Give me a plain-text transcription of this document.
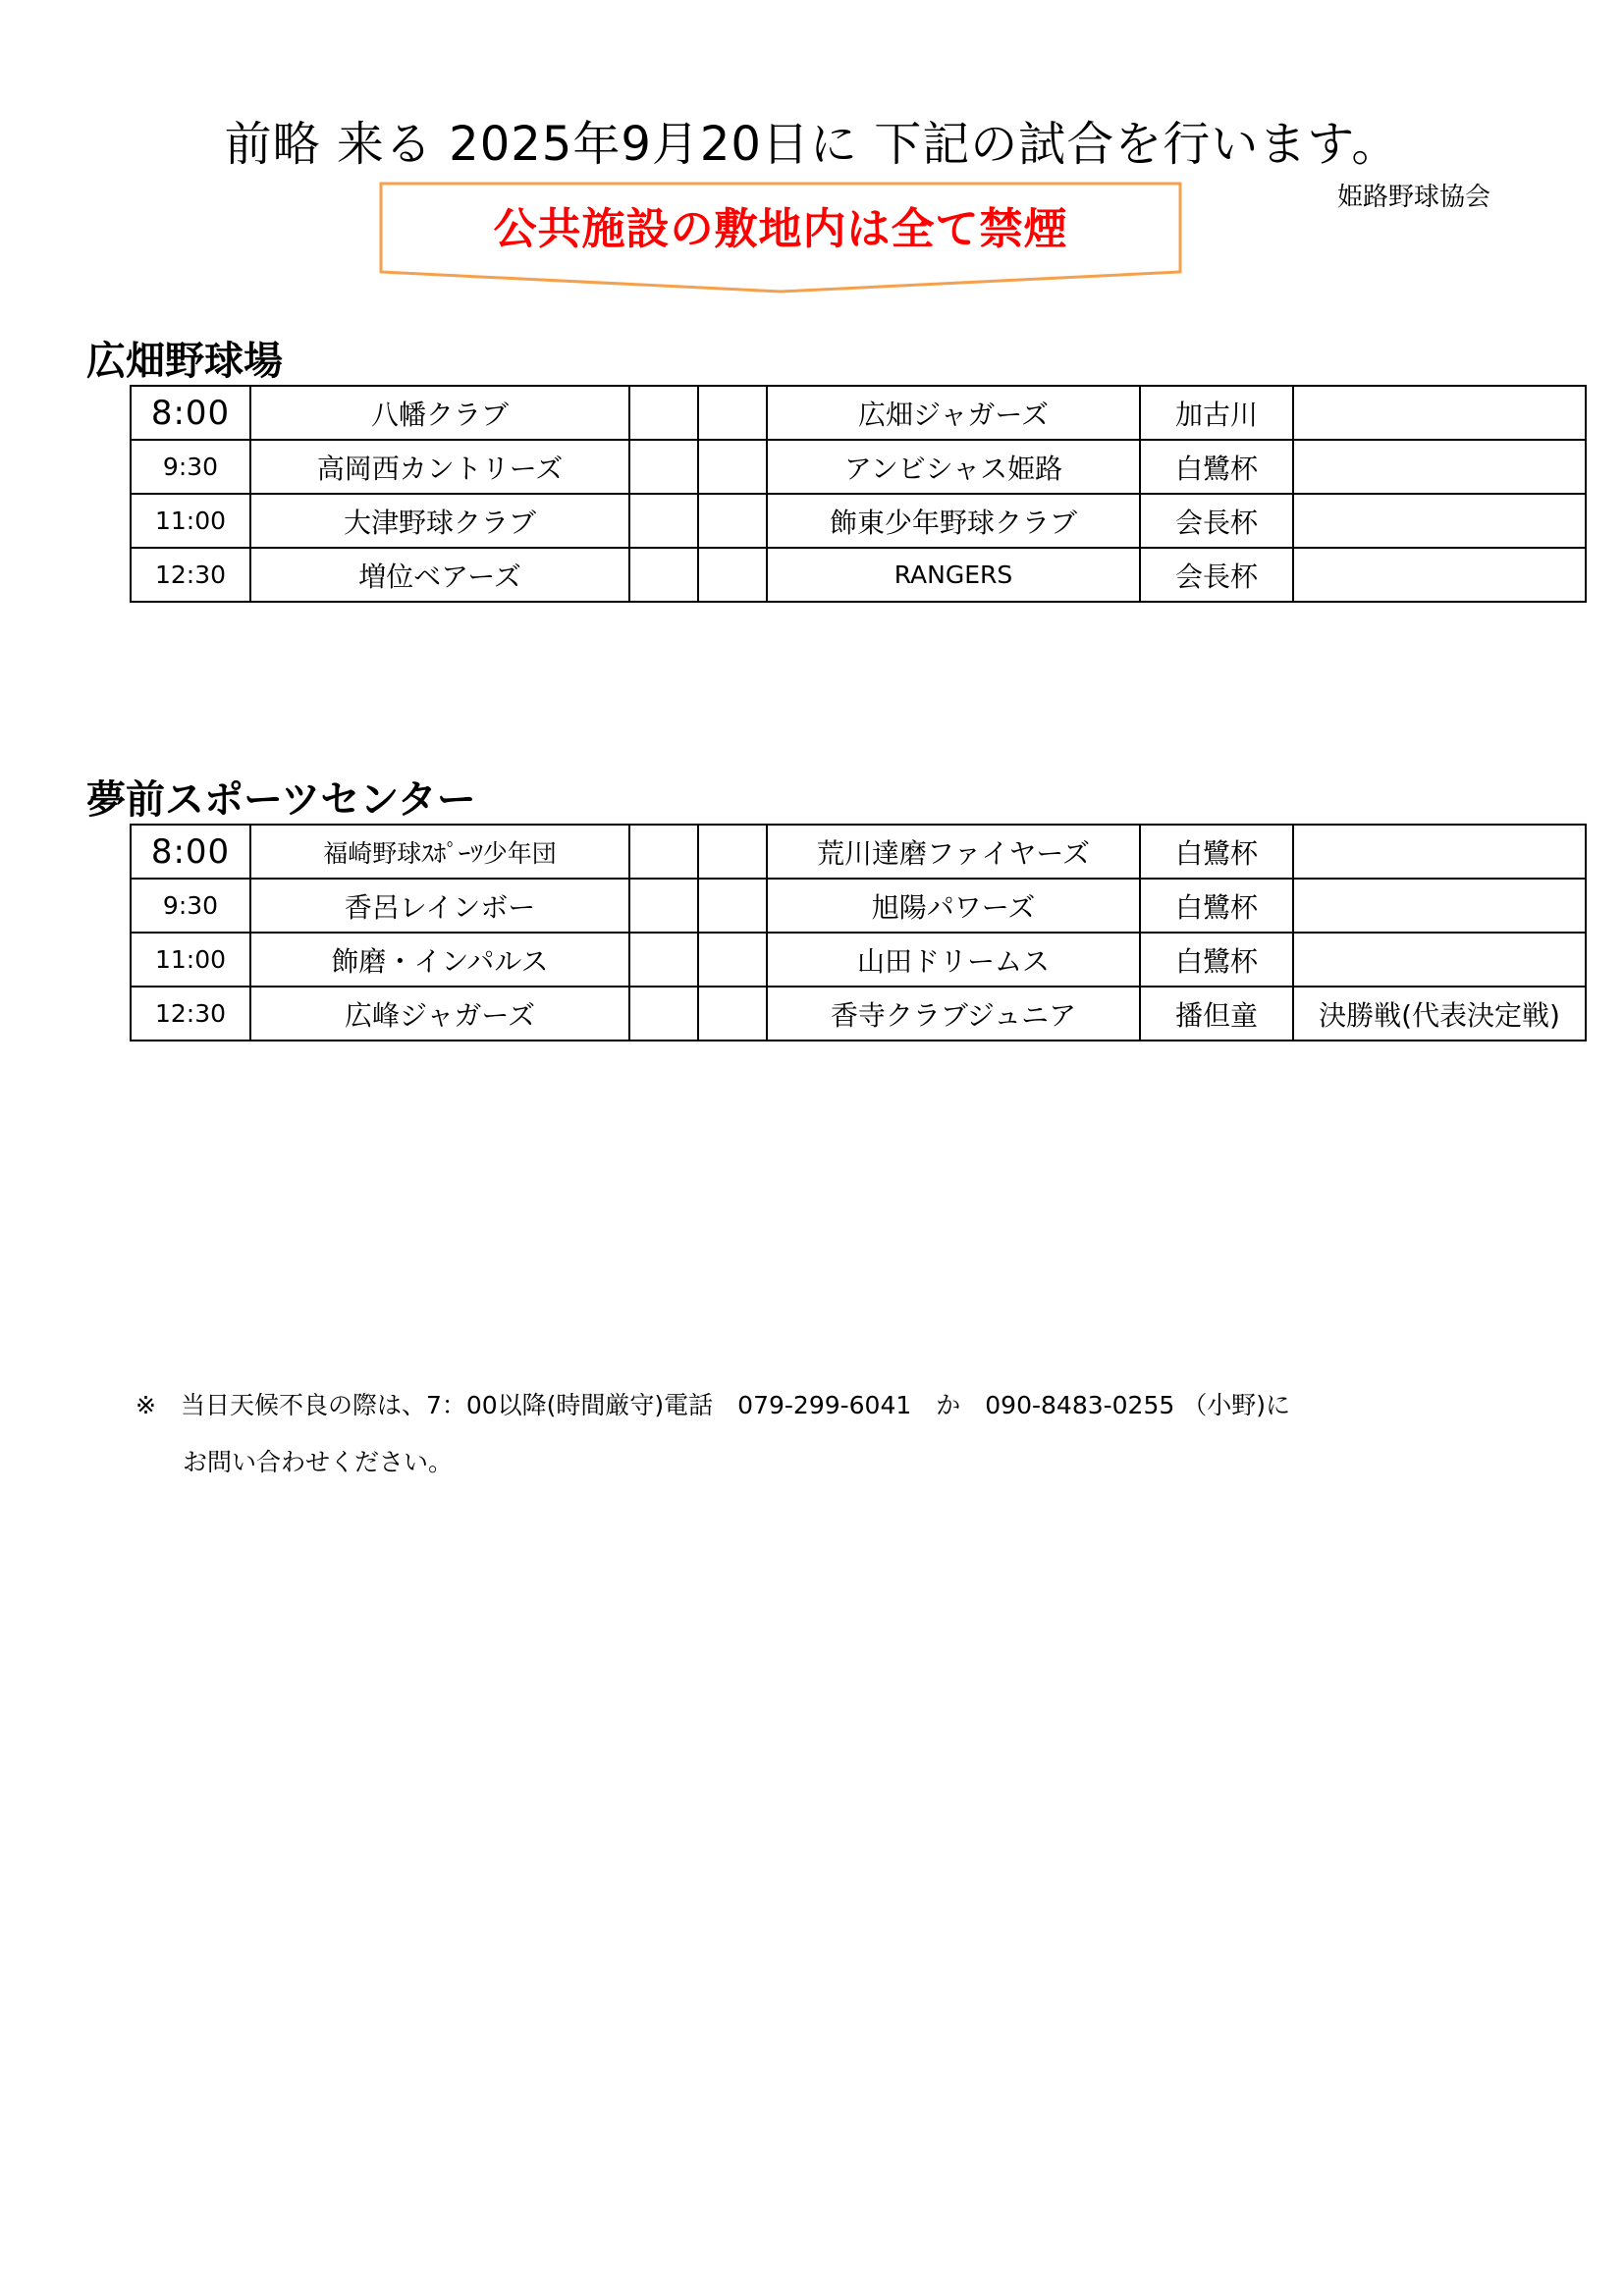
前略 来る 2025年9月20日に 下記の試合を行います。
姫路野球協会
公共施設の敷地内は全て禁煙
広畑野球場
8:00	八幡クラブ			広畑ジャガーズ	加古川	
9:30	高岡西カントリーズ			アンビシャス姫路	白鷺杯	
11:00	大津野球クラブ			飾東少年野球クラブ	会長杯	
12:30	増位ベアーズ			RANGERS	会長杯	
夢前スポーツセンター
8:00	福崎野球ｽﾎﾟｰﾂ少年団			荒川達磨ファイヤーズ	白鷺杯	
9:30	香呂レインボー			旭陽パワーズ	白鷺杯	
11:00	飾磨・インパルス			山田ドリームス	白鷺杯	
12:30	広峰ジャガーズ			香寺クラブジュニア	播但童	決勝戦(代表決定戦)
※　当日天候不良の際は、7：00以降(時間厳守)電話　079-299-6041　か　090-8483-0255 （小野)に
お問い合わせください。
